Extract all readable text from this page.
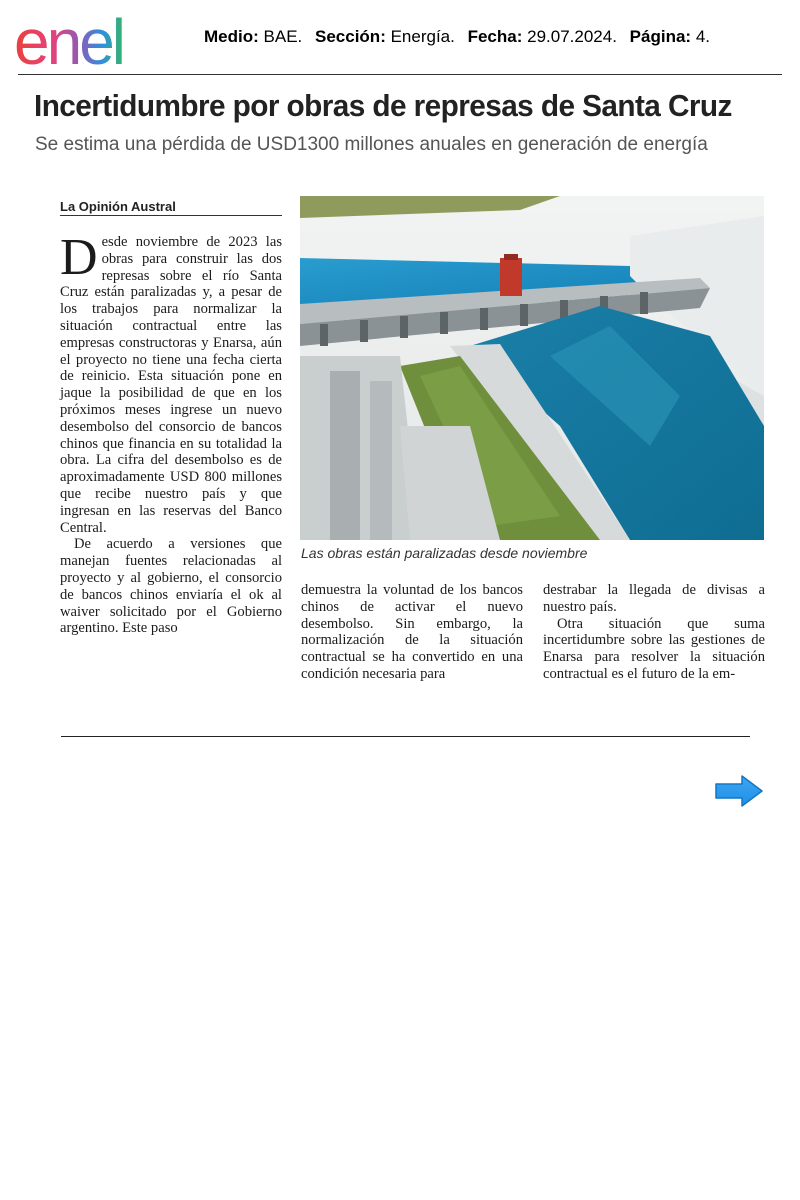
enel	Medio: BAE. Sección: Energía. Fecha: 29.07.2024. Página: 4.
Incertidumbre por obras de represas de Santa Cruz
Se estima una pérdida de USD1300 millones anuales en generación de energía
La Opinión Austral

Desde noviembre de 2023 las obras para construir las dos represas sobre el río Santa Cruz están paralizadas y, a pesar de los trabajos para normalizar la situación contractual entre las empresas constructoras y Enarsa, aún el proyecto no tiene una fecha cierta de reinicio. Esta situación pone en jaque la posibilidad de que en los próximos meses ingrese un nuevo desembolso del consorcio de bancos chinos que financia en su totalidad la obra. La cifra del desembolso es de aproximadamente USD 800 millones que recibe nuestro país y que ingresan en las reservas del Banco Central.

De acuerdo a versiones que manejan fuentes relacionadas al proyecto y al gobierno, el consorcio de bancos chinos enviaría el ok al waiver solicitado por el Gobierno argentino. Este paso

Las obras están paralizadas desde noviembre

demuestra la voluntad de los bancos chinos de activar el nuevo desembolso. Sin embargo, la normalización de la situación contractual se ha convertido en una condición necesaria para

destrabar la llegada de divisas a nuestro país.

Otra situación que suma incertidumbre sobre las gestiones de Enarsa para resolver la situación contractual es el futuro de la em-
